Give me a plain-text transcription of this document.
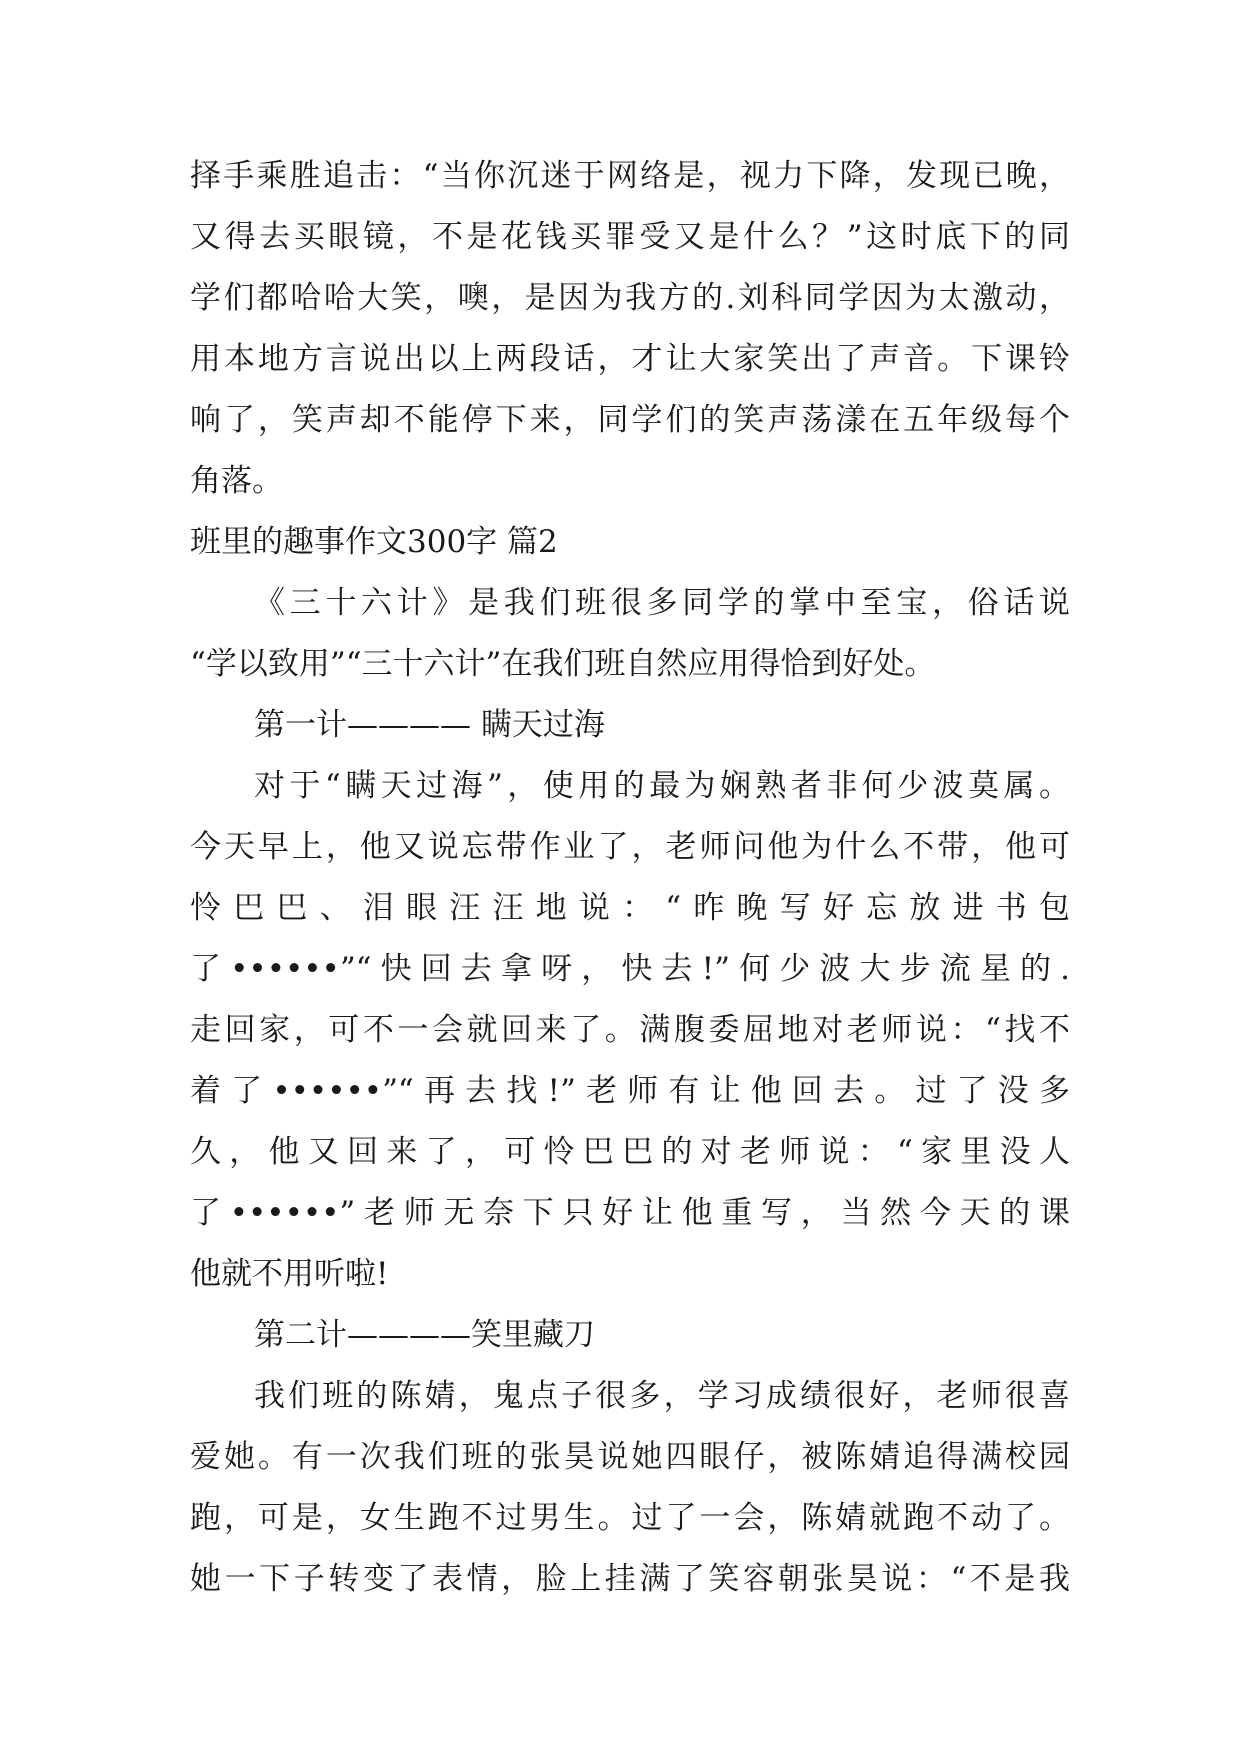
择手乘胜追击：“当你沉迷于网络是，视力下降，发现已晚，
又得去买眼镜，不是花钱买罪受又是什么？”这时底下的同
学们都哈哈大笑，噢，是因为我方的.刘科同学因为太激动，
用本地方言说出以上两段话，才让大家笑出了声音。下课铃
响了，笑声却不能停下来，同学们的笑声荡漾在五年级每个
角落。
班里的趣事作文300字 篇2
《三十六计》是我们班很多同学的掌中至宝，俗话说
“学以致用”“三十六计”在我们班自然应用得恰到好处。
第一计———— 瞒天过海
对于“瞒天过海”，使用的最为娴熟者非何少波莫属。
今天早上，他又说忘带作业了，老师问他为什么不带，他可
怜巴巴、泪眼汪汪地说：“昨晚写好忘放进书包
了••••••”“快回去拿呀，快去!”何少波大步流星的.
走回家，可不一会就回来了。满腹委屈地对老师说：“找不
着了••••••”“再去找!”老师有让他回去。过了没多
久，他又回来了，可怜巴巴的对老师说：“家里没人
了••••••”老师无奈下只好让他重写，当然今天的课
他就不用听啦!
第二计————笑里藏刀
我们班的陈婧，鬼点子很多，学习成绩很好，老师很喜
爱她。有一次我们班的张昊说她四眼仔，被陈婧追得满校园
跑，可是，女生跑不过男生。过了一会，陈婧就跑不动了。
她一下子转变了表情，脸上挂满了笑容朝张昊说：“不是我
